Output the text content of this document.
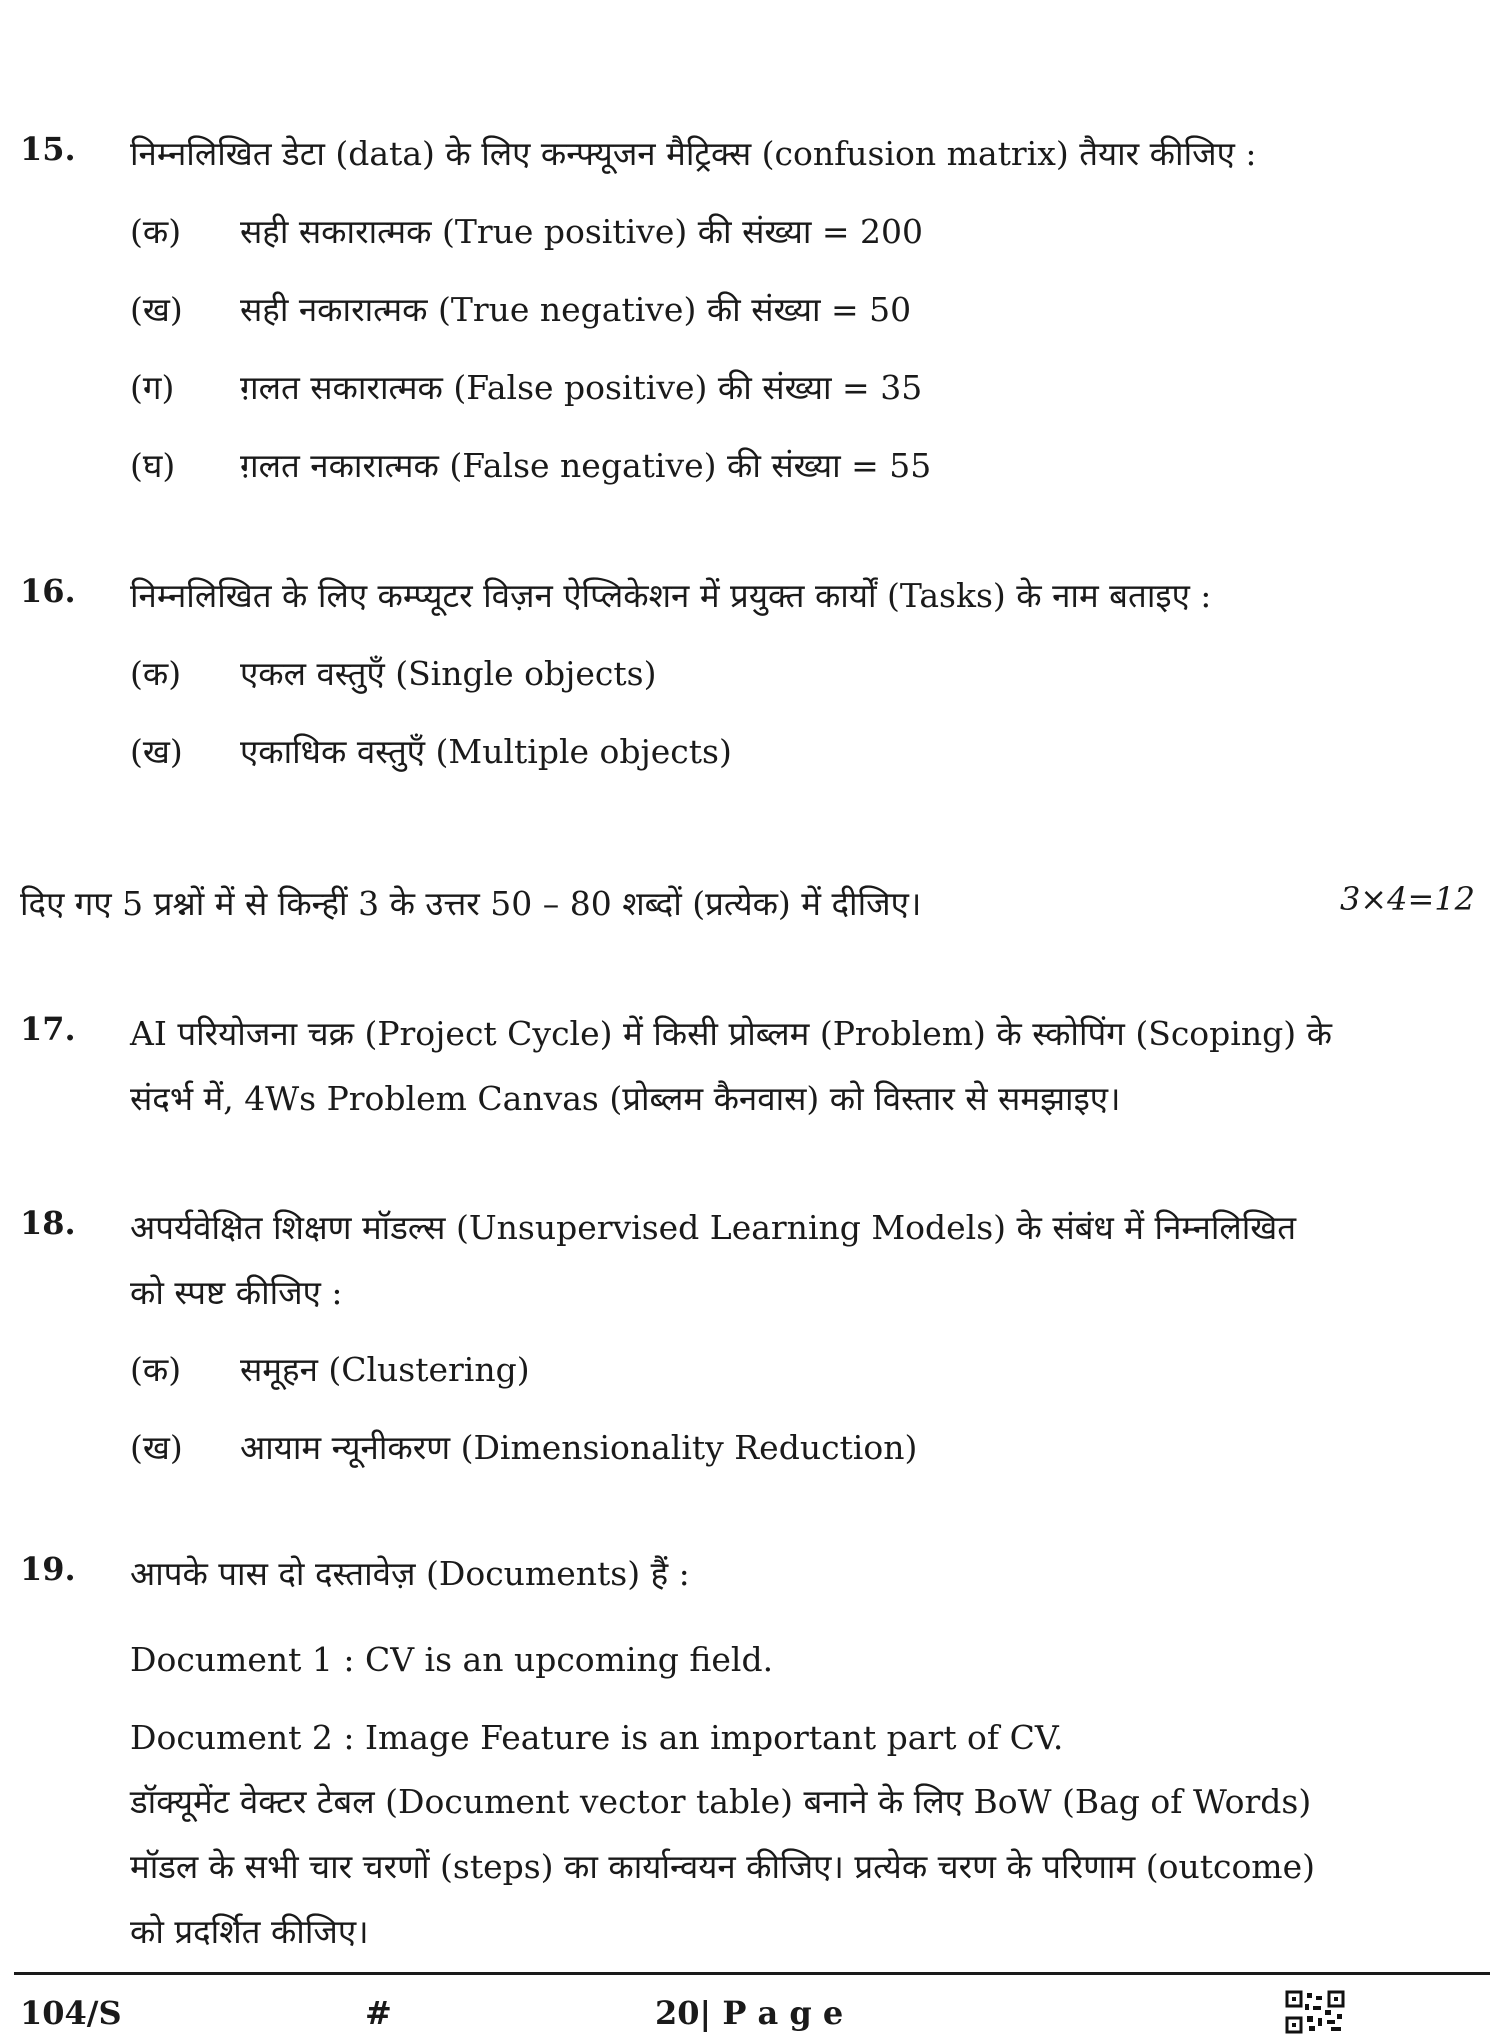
15. निम्नलिखित डेटा (data) के लिए कन्फ्यूजन मैट्रिक्स (confusion matrix) तैयार कीजिए :
(क) सही सकारात्मक (True positive) की संख्या = 200
(ख) सही नकारात्मक (True negative) की संख्या = 50
(ग) ग़लत सकारात्मक (False positive) की संख्या = 35
(घ) ग़लत नकारात्मक (False negative) की संख्या = 55
16. निम्नलिखित के लिए कम्प्यूटर विज़न ऐप्लिकेशन में प्रयुक्त कार्यों (Tasks) के नाम बताइए :
(क) एकल वस्तुएँ (Single objects)
(ख) एकाधिक वस्तुएँ (Multiple objects)
दिए गए 5 प्रश्नों में से किन्हीं 3 के उत्तर 50 – 80 शब्दों (प्रत्येक) में दीजिए।	3×4=12
17. AI परियोजना चक्र (Project Cycle) में किसी प्रोब्लम (Problem) के स्कोपिंग (Scoping) के
संदर्भ में, 4Ws Problem Canvas (प्रोब्लम कैनवास) को विस्तार से समझाइए।
18. अपर्यवेक्षित शिक्षण मॉडल्स (Unsupervised Learning Models) के संबंध में निम्नलिखित
को स्पष्ट कीजिए :
(क) समूहन (Clustering)
(ख) आयाम न्यूनीकरण (Dimensionality Reduction)
19. आपके पास दो दस्तावेज़ (Documents) हैं :
Document 1 : CV is an upcoming field.
Document 2 : Image Feature is an important part of CV.
डॉक्यूमेंट वेक्टर टेबल (Document vector table) बनाने के लिए BoW (Bag of Words)
मॉडल के सभी चार चरणों (steps) का कार्यान्वयन कीजिए। प्रत्येक चरण के परिणाम (outcome)
को प्रदर्शित कीजिए।
104/S	#	20| P a g e
